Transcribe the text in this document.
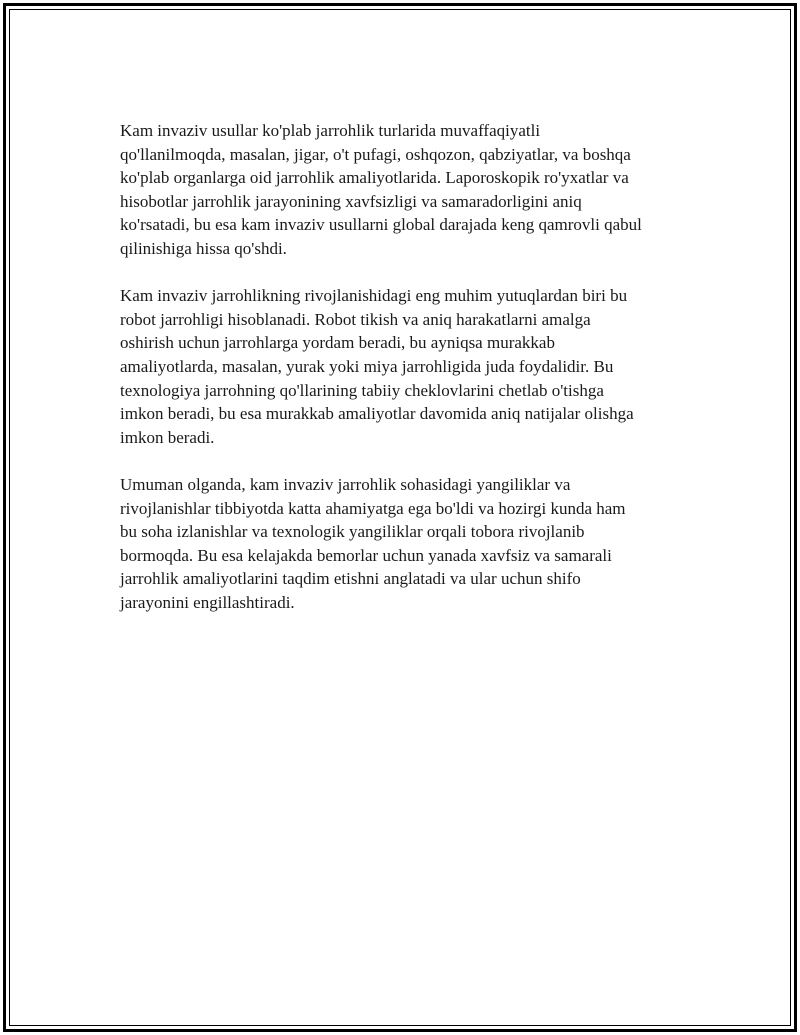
Kam invaziv usullar ko'plab jarrohlik turlarida muvaffaqiyatli
qo'llanilmoqda, masalan, jigar, o't pufagi, oshqozon, qabziyatlar, va boshqa
ko'plab organlarga oid jarrohlik amaliyotlarida. Laporoskopik ro'yxatlar va
hisobotlar jarrohlik jarayonining xavfsizligi va samaradorligini aniq
ko'rsatadi, bu esa kam invaziv usullarni global darajada keng qamrovli qabul
qilinishiga hissa qo'shdi.

Kam invaziv jarrohlikning rivojlanishidagi eng muhim yutuqlardan biri bu
robot jarrohligi hisoblanadi. Robot tikish va aniq harakatlarni amalga
oshirish uchun jarrohlarga yordam beradi, bu ayniqsa murakkab
amaliyotlarda, masalan, yurak yoki miya jarrohligida juda foydalidir. Bu
texnologiya jarrohning qo'llarining tabiiy cheklovlarini chetlab o'tishga
imkon beradi, bu esa murakkab amaliyotlar davomida aniq natijalar olishga
imkon beradi.

Umuman olganda, kam invaziv jarrohlik sohasidagi yangiliklar va
rivojlanishlar tibbiyotda katta ahamiyatga ega bo'ldi va hozirgi kunda ham
bu soha izlanishlar va texnologik yangiliklar orqali tobora rivojlanib
bormoqda. Bu esa kelajakda bemorlar uchun yanada xavfsiz va samarali
jarrohlik amaliyotlarini taqdim etishni anglatadi va ular uchun shifo
jarayonini engillashtiradi.
